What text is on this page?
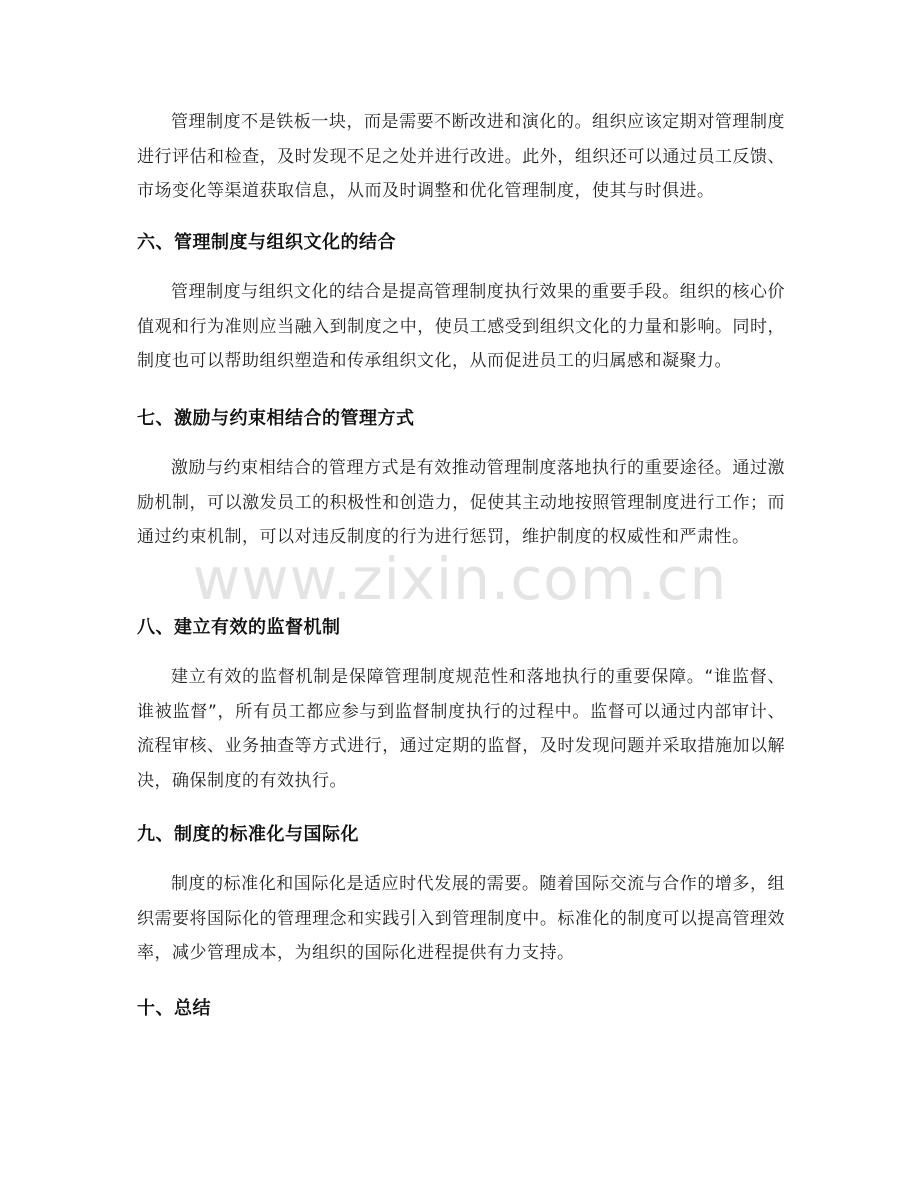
www.zixin.com.cn

管理制度不是铁板一块，而是需要不断改进和演化的。组织应该定期对管理制度进行评估和检查，及时发现不足之处并进行改进。此外，组织还可以通过员工反馈、市场变化等渠道获取信息，从而及时调整和优化管理制度，使其与时俱进。

六、管理制度与组织文化的结合

管理制度与组织文化的结合是提高管理制度执行效果的重要手段。组织的核心价值观和行为准则应当融入到制度之中，使员工感受到组织文化的力量和影响。同时，制度也可以帮助组织塑造和传承组织文化，从而促进员工的归属感和凝聚力。

七、激励与约束相结合的管理方式

激励与约束相结合的管理方式是有效推动管理制度落地执行的重要途径。通过激励机制，可以激发员工的积极性和创造力，促使其主动地按照管理制度进行工作；而通过约束机制，可以对违反制度的行为进行惩罚，维护制度的权威性和严肃性。

八、建立有效的监督机制

建立有效的监督机制是保障管理制度规范性和落地执行的重要保障。“谁监督、谁被监督”，所有员工都应参与到监督制度执行的过程中。监督可以通过内部审计、流程审核、业务抽查等方式进行，通过定期的监督，及时发现问题并采取措施加以解决，确保制度的有效执行。

九、制度的标准化与国际化

制度的标准化和国际化是适应时代发展的需要。随着国际交流与合作的增多，组织需要将国际化的管理理念和实践引入到管理制度中。标准化的制度可以提高管理效率，减少管理成本，为组织的国际化进程提供有力支持。

十、总结
